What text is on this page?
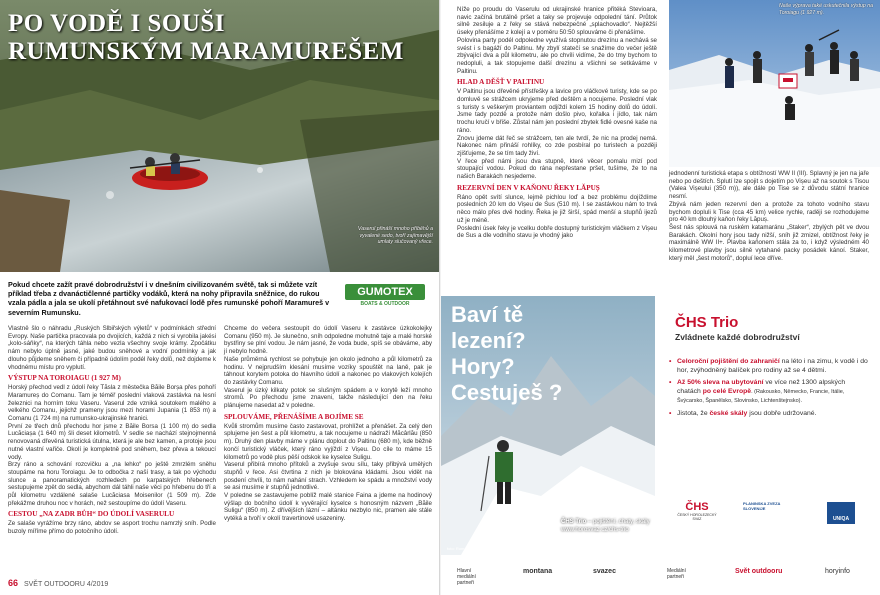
PO VODĚ I SOUŠI
RUMUNSKÝM MARAMUREŠEM
Vaserul přináší mnoho příběhů a vyvalené sedo, tvoří zajímavější umlaty slučovaný vřece.
Pokud chcete zažít pravé dobrodružství i v dnešním civilizovaném světě, tak si můžete vzít příklad třeba z dvanáctičlenné partičky vodáků, která na nohy připravila sněžnice, do rukou vzala pádla a jala se ukolí přetáhnout své nafukovací lodě přes rumunské pohoří Maramureš v severním Rumunsku.
GUMOTEX
BOATS & OUTDOOR

Vlastně šlo o náhradu „Ruských Slbiřských výletů“ v podmínkách střední Evropy. Naše partička pracovala po dvojicích, každá z nich si vyrobila jakési „kolo-sáňky“, na kterých táhla nebo vezla všechny svoje krámy. Zpočátku nám nebylo úplně jasné, jaké budou sněhové a vodní podmínky a jak dlouho půjdeme sněhem či případně údolím podél řeky dolů, než dojdeme k vhodnému místu pro vyplutí.

VÝSTUP NA TOROIAGU (1 927 M)

Horský přechod vedl z údolí řeky Tăsla z městečka Băile Borșa přes pohoří Maramureș do Comanu. Tam je téměř poslední vlaková zastávka na lesní železnici na horním toku Vaseru. Vaserul zde vzniká soutokem malého a velkého Comanu, jejichž prameny jsou mezi horami Jupania (1 853 m) a Comanu (1 724 m) na rumunsko-ukrajinské hranici.

První ze třech dnů přechodu hor jsme z Băile Borsa (1 100 m) do sedla Lucăciașa (1 640 m) šli deset kilometrů. V sedle se nachází stejnojmenná renovovaná dřevěná turistická útulna, která je ale bez kamen, a protoje jsou nutné vlastní vařiče. Okolí je kompletně pod sněhem, bez převa a tekoucí vody.

Brzy ráno a schování rozcvičku a „na lehko“ po ještě zmrzlém sněhu stoupáme na horu Toroiagu. Je to odbočka z naší trasy, a tak po východu slunce a panoramatických rozhledech po karpatských hřebenech sestupujeme zpět do sedla, abychom dál táhli naše věci po hřebenu do tří a půl kilometru vzdálené salaše Lucăciasa Moisenilor (1 509 m). Zde překážme druhou noc v horách, než sestoupíme do údolí Vaseru.

CESTOU „NA ZADR BŮH“ DO ÚDOLÍ VASERULU

Ze salaše vyrážíme brzy ráno, abdov se asport trochu namrzlý sníh. Podle buzoly míříme přímo do potočního údolí.

Chceme do večera sestoupit do údolí Vaseru k zastávce úzkokolejky Comanu (950 m). Je slunečno, sníh odpoledne mohutně taje a malé horské bystřiny se plní vodou. Je nám jasné, že voda bude, spíš se obáváme, aby jí nebylo hodně.

Naše průměrná rychlost se pohybuje jen okolo jednoho a půl kilometrů za hodinu. V nejprudším klesání musíme vozíky spouštět na laně, pak je táhnout korytem potoka do hlavního údolí a nakonec po vlakových kolejích do zastávky Comanu.

Vaserul je úzký kilkaty potok se slušným spádem a v korytě leží mnoho stromů. Po přechodu jsme znaveni, takže následující den na řeku plánujeme nasedat až v poledne.

SPLOUVÁME, PŘENÁŠÍME A BOJÍME SE

Kvůli stromům musíme často zastavovat, prohlížet a přenášet. Za celý den splujeme jen šest a půl kilometru, a tak nocujeme u nádraží Măcârlău (850 m). Druhý den plavby máme v plánu doplout do Paltinu (680 m), kde běžně končí turistický vláček, který ráno vyjíždí z Vișeu. Do cíle to máme 15 kilometrů po vodě plus pěší odskok ke kyselce Suligu.

Vaserul přibírá mnoho přítoků a zvyšuje svou sílu, taky přibývá umělých stupňů v řece. Asi čtvrtina z nich je blokována kládami. Jsou vidět na posdení chvíli, to nám nahání strach. Vzhledem ke spádu a množství vody se asi musíme ir stupňů jednotlivé.

V poledne se zastavujeme poblíž malé stanice Faina a jdeme na hodinový výšlap do bočního údolí k vyvěrající kyselce s honosným názvem „Băile Suligu“ (850 m). Z dřívějších lázní – altánku nezbylo nic, pramen ale stále vytéká a tvoří v okolí travertinové usazeniny.

66 SVĚT OUTDOORU 4/2019

Níže po proudu do Vaserulu od ukrajinské hranice přitéká Stevioara, navic začíná brutálně pršet a taky se projevuje odpolední tání. Průtok silně zesiluje a z řeky se stává nebezpečné „splachovadlo“. Nejtěžší úseky přenášíme z kolejí a v poměru 50:50 splouváme či přenášíme.

Polovina party podél odpoledne využívá stopnutou drezínu a nechává se svést i s bagáží do Paltinu. My zbylí statečí se snažíme do večer ještě zbývající dva a půl kilometru, ale po chvíli vidíme, že do tmy bychom to nedopluli, a tak stopujeme další drezínu a všichni se setkáváme v Paltinu.

HLAD A DĚŠŤ V PALTINU

V Paltinu jsou dřevěné přístřešky a lavice pro vláčkové turisty, kde se po domluvě se strážcem ukryjeme před deštěm a nocujeme. Poslední vlak s turisty s veškerým proviantem odjíždí kolem 15 hodiny dolů do údolí. Jsme tady pozdě a protože nám došlo pivo, kořalka i jídlo, tak nám trochu kručí v břiše. Zůstal nám jen poslední zbytek fidlé ovesné kaše na ráno.

Znovu jdeme dát řeč se strážcem, ten ale tvrdí, že nic na prodej nemá. Nakonec nám přináší rohlíky, co zde posbíral po turistech a později zjišťujeme, že se tím tady živí.

V řece před námi jsou dva stupně, které věcer pomalu mizí pod stoupající vodou. Pokud do rána nepřestane pršet, tušíme, že to na našich Barakách nesjedeme.

REZERVNÍ DEN V KAŇONU ŘEKY LĂPUȘ

Ráno opět svítí slunce, lejmě pichlou loď a bez problému dojíždíme posledních 20 km do Vișeu de Sus (510 m). I se zastávkou nám to trvá něco málo přes dvě hodiny. Řeka je již širší, spád menší a stupňů ijezů už je méně.

Poslední úsek řeky je vcelku dobře dostupný turistickým vláčkem z Vișeu de Sus a dle vodního stavu je vhodný jako

Naše výprava také uskutečnila výstup na Toroiagu (1 927 m).

jednodenní turistická etapa s obtížností WW II (III). Splavný je jen na jaře nebo po deštích. Splutí lze spojit s dojetím po Vișeu až na soutok s Tisou (Valea Vișeului (350 m)), ale dále po Tise se z důvodu státní hranice nesmí.

Zbývá nám jeden rezervní den a protože za tohoto vodního stavu bychom dopluli k Tise (cca 45 km) velice rychle, raději se rozhodujeme pro 40 km dlouhý kaňon řeky Lăpuș.

Šest nás splouvá na ruském katamaránu „Staker“, zbylých pět ve dvou Barakách. Okolní hory jsou tady nižší, sníh již zmizel, obtížnost řeky je maximálně WW II+. Plavba kaňonem stála za to, i když výsledném 40 kilometrové plavby jsou silně vytahané packy posádek kánoí. Staker, který měl „šest motorů“, dopluí lece dříve.

Baví tě
lezení?
Hory?
Cestuješ ?
ČHS Trio – pojištění, chaty, skály
www.horosvaz.cz/chs-trio
foto: Roman ...
ČHS Trio
Zvládnete každé dobrodružství
• Celoroční pojištění do zahraničí na léto i na zimu, k vodě i do hor, zvýhodněný balíček pro rodiny až se 4 dětmi.
• Až 50% sleva na ubytování ve více než 1300 alpských chatách po celé Evropě. (Rakousko, Německo, Francie, Itálie, Švýcarsko, Španělsko, Slovinsko, Lichtenštejnsko).
• Jistota, že české skály jsou dobře udržované.
ČHS
ČESKÝ HOROLEZECKÝ SVAZ
PLANINSKA ZVEZA SLOVENIJE
UNIQA
Hlavní mediální partneři
montana	svazec	Mediální partneři
Svět outdooru	horyinfo
